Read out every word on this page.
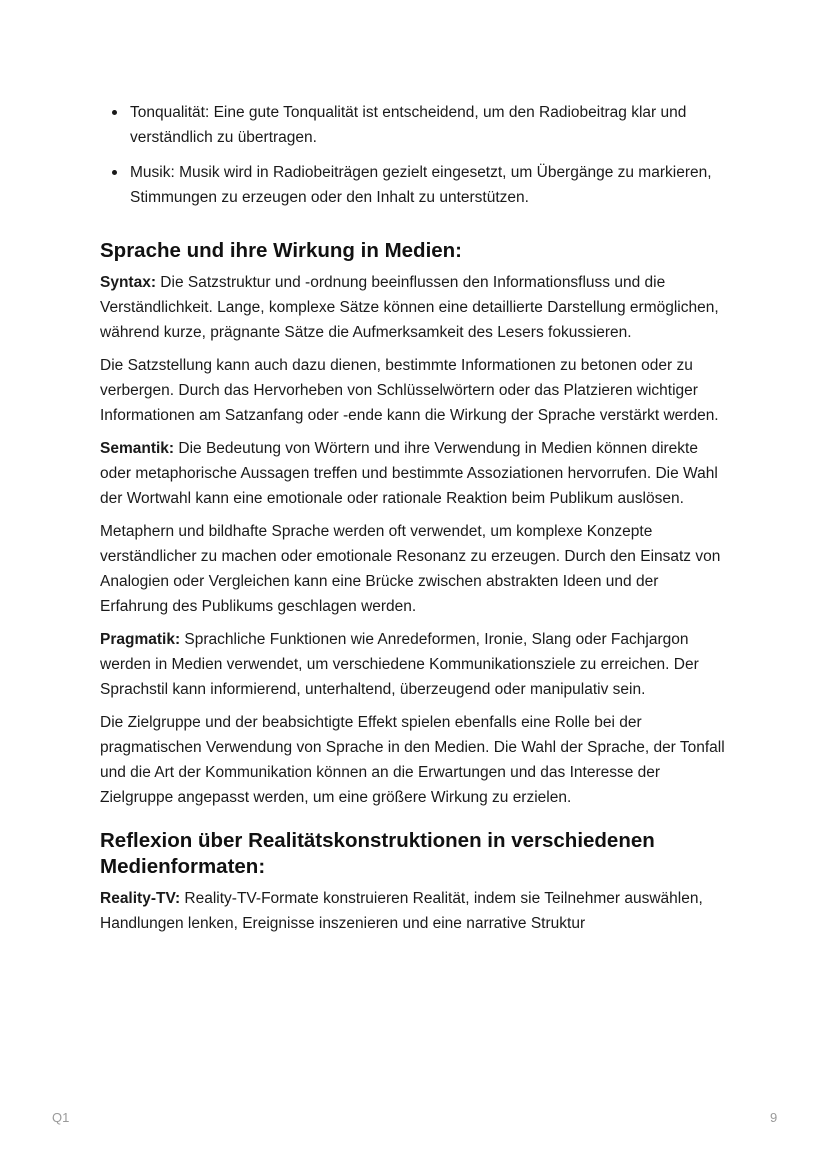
Tonqualität: Eine gute Tonqualität ist entscheidend, um den Radiobeitrag klar und verständlich zu übertragen.
Musik: Musik wird in Radiobeiträgen gezielt eingesetzt, um Übergänge zu markieren, Stimmungen zu erzeugen oder den Inhalt zu unterstützen.
Sprache und ihre Wirkung in Medien:

Syntax: Die Satzstruktur und -ordnung beeinflussen den Informationsfluss und die Verständlichkeit. Lange, komplexe Sätze können eine detaillierte Darstellung ermöglichen, während kurze, prägnante Sätze die Aufmerksamkeit des Lesers fokussieren.

Die Satzstellung kann auch dazu dienen, bestimmte Informationen zu betonen oder zu verbergen. Durch das Hervorheben von Schlüsselwörtern oder das Platzieren wichtiger Informationen am Satzanfang oder -ende kann die Wirkung der Sprache verstärkt werden.

Semantik: Die Bedeutung von Wörtern und ihre Verwendung in Medien können direkte oder metaphorische Aussagen treffen und bestimmte Assoziationen hervorrufen. Die Wahl der Wortwahl kann eine emotionale oder rationale Reaktion beim Publikum auslösen.

Metaphern und bildhafte Sprache werden oft verwendet, um komplexe Konzepte verständlicher zu machen oder emotionale Resonanz zu erzeugen. Durch den Einsatz von Analogien oder Vergleichen kann eine Brücke zwischen abstrakten Ideen und der Erfahrung des Publikums geschlagen werden.

Pragmatik: Sprachliche Funktionen wie Anredeformen, Ironie, Slang oder Fachjargon werden in Medien verwendet, um verschiedene Kommunikationsziele zu erreichen. Der Sprachstil kann informierend, unterhaltend, überzeugend oder manipulativ sein.

Die Zielgruppe und der beabsichtigte Effekt spielen ebenfalls eine Rolle bei der pragmatischen Verwendung von Sprache in den Medien. Die Wahl der Sprache, der Tonfall und die Art der Kommunikation können an die Erwartungen und das Interesse der Zielgruppe angepasst werden, um eine größere Wirkung zu erzielen.

Reflexion über Realitätskonstruktionen in verschiedenen Medienformaten:

Reality-TV: Reality-TV-Formate konstruieren Realität, indem sie Teilnehmer auswählen, Handlungen lenken, Ereignisse inszenieren und eine narrative Struktur

Q1	9
